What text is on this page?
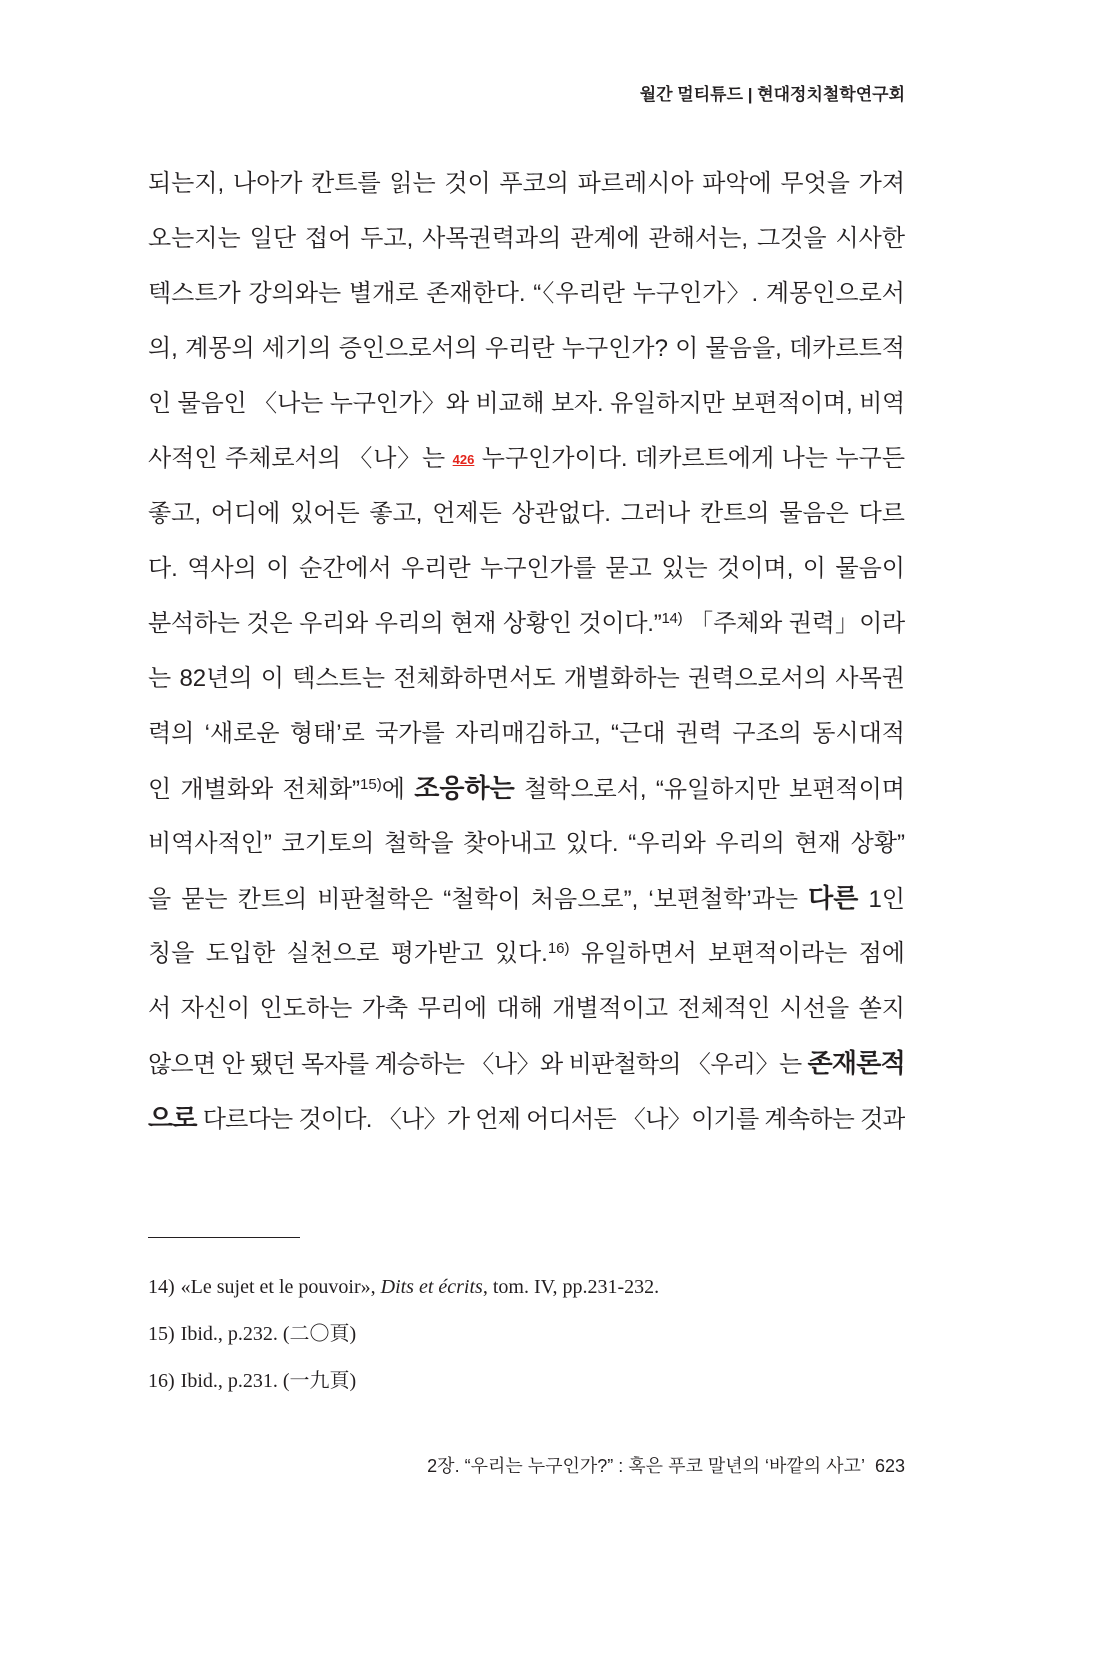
월간 멀티튜드 | 현대정치철학연구회
되는지, 나아가 칸트를 읽는 것이 푸코의 파르레시아 파악에 무엇을 가져
오는지는 일단 접어 두고, 사목권력과의 관계에 관해서는, 그것을 시사한
텍스트가 강의와는 별개로 존재한다. “〈우리란 누구인가〉. 계몽인으로서
의, 계몽의 세기의 증인으로서의 우리란 누구인가? 이 물음을, 데카르트적
인 물음인 〈나는 누구인가〉와 비교해 보자. 유일하지만 보편적이며, 비역
사적인 주체로서의 〈나〉는 426 누구인가이다. 데카르트에게 나는 누구든
좋고, 어디에 있어든 좋고, 언제든 상관없다. 그러나 칸트의 물음은 다르
다. 역사의 이 순간에서 우리란 누구인가를 묻고 있는 것이며, 이 물음이
분석하는 것은 우리와 우리의 현재 상황인 것이다.”$^{14)}$ 「주체와 권력」이라
는 82년의 이 텍스트는 전체화하면서도 개별화하는 권력으로서의 사목권
력의 ‘새로운 형태’로 국가를 자리매김하고, “근대 권력 구조의 동시대적
인 개별화와 전체화”$^{15)}$에 조응하는 철학으로서, “유일하지만 보편적이며
비역사적인” 코기토의 철학을 찾아내고 있다. “우리와 우리의 현재 상황”
을 묻는 칸트의 비판철학은 “철학이 처음으로”, ‘보편철학’과는 다른 1인
칭을 도입한 실천으로 평가받고 있다.$^{16)}$ 유일하면서 보편적이라는 점에
서 자신이 인도하는 가축 무리에 대해 개별적이고 전체적인 시선을 쏟지
않으면 안 됐던 목자를 계승하는 〈나〉와 비판철학의 〈우리〉는 존재론적
으로 다르다는 것이다. 〈나〉가 언제 어디서든 〈나〉이기를 계속하는 것과
14) «Le sujet et le pouvoir», Dits et écrits, tom. IV, pp.231-232.
15) Ibid., p.232. (二〇頁)
16) Ibid., p.231. (一九頁)
2장. “우리는 누구인가?” : 혹은 푸코 말년의 ‘바깥의 사고’ 623
